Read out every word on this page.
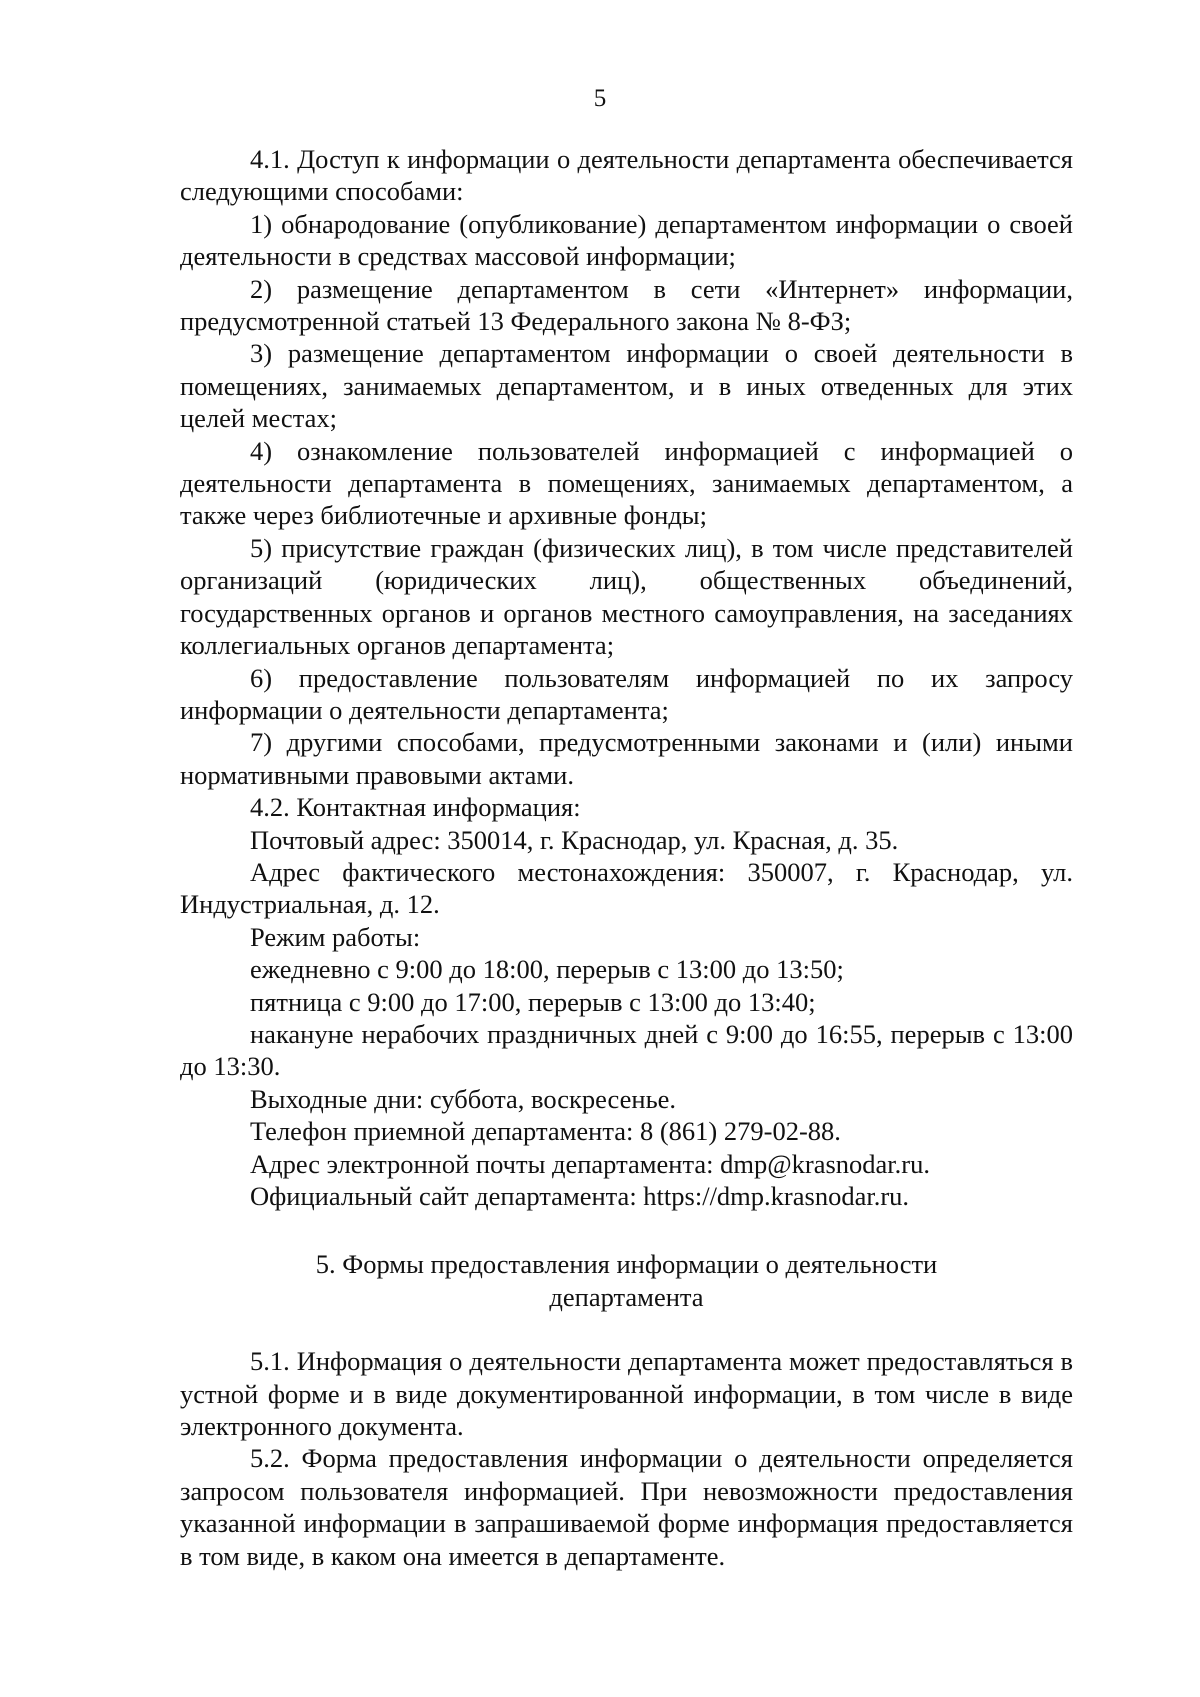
5

4.1. Доступ к информации о деятельности департамента обеспечивается следующими способами:

1) обнародование (опубликование) департаментом информации о своей деятельности в средствах массовой информации;

2) размещение департаментом в сети «Интернет» информации, предусмотренной статьей 13 Федерального закона № 8-ФЗ;

3) размещение департаментом информации о своей деятельности в помещениях, занимаемых департаментом, и в иных отведенных для этих целей местах;

4) ознакомление пользователей информацией с информацией о деятельности департамента в помещениях, занимаемых департаментом, а также через библиотечные и архивные фонды;

5) присутствие граждан (физических лиц), в том числе представителей организаций (юридических лиц), общественных объединений, государственных органов и органов местного самоуправления, на заседаниях коллегиальных органов департамента;

6) предоставление пользователям информацией по их запросу информации о деятельности департамента;

7) другими способами, предусмотренными законами и (или) иными нормативными правовыми актами.

4.2. Контактная информация:

Почтовый адрес: 350014, г. Краснодар, ул. Красная, д. 35.

Адрес фактического местонахождения: 350007, г. Краснодар, ул. Индустриальная, д. 12.

Режим работы:

ежедневно с 9:00 до 18:00, перерыв с 13:00 до 13:50;

пятница с 9:00 до 17:00, перерыв с 13:00 до 13:40;

накануне нерабочих праздничных дней с 9:00 до 16:55, перерыв с 13:00 до 13:30.

Выходные дни: суббота, воскресенье.

Телефон приемной департамента: 8 (861) 279-02-88.

Адрес электронной почты департамента: dmp@krasnodar.ru.

Официальный сайт департамента: https://dmp.krasnodar.ru.

5. Формы предоставления информации о деятельности
департамента

5.1. Информация о деятельности департамента может предоставляться в устной форме и в виде документированной информации, в том числе в виде электронного документа.

5.2. Форма предоставления информации о деятельности определяется запросом пользователя информацией. При невозможности предоставления указанной информации в запрашиваемой форме информация предоставляется в том виде, в каком она имеется в департаменте.
